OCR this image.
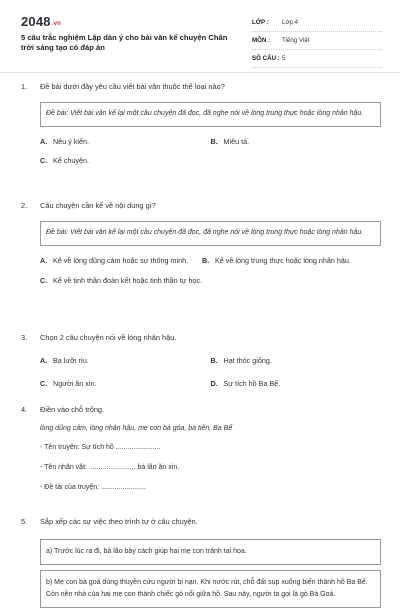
2048.vn
5 câu trắc nghiệm Lập dàn ý cho bài văn kể chuyện Chân trời sáng tạo có đáp án
LỚP :	Lớp 4
MÔN :	Tiếng Việt
SỐ CÂU : 5
1.	Đề bài dưới đây yêu cầu viết bài văn thuộc thể loại nào?
Đề bài: Viết bài văn kể lại một câu chuyện đã đọc, đã nghe nói về lòng trung thực hoặc lòng nhân hậu.
A. Nêu ý kiến.	B. Miêu tả.
C. Kể chuyện.
2.	Câu chuyện cần kể về nội dung gì?
Đề bài: Viết bài văn kể lại một câu chuyện đã đọc, đã nghe nói về lòng trung thực hoặc lòng nhân hậu.
A. Kể về lòng dũng cảm hoặc sự thông minh.	B. Kể về lòng trung thực hoặc lòng nhân hậu.
C. Kể về tinh thần đoàn kết hoặc tinh thần tự học.
3.	Chọn 2 câu chuyện nói về lòng nhân hậu.
A. Ba lưỡi rìu.	B. Hạt thóc giống.
C. Người ăn xin.	D. Sự tích hồ Ba Bể.
4.	Điền vào chỗ trống.
lòng dũng cảm, lòng nhân hậu, mẹ con bà góa, bà tiên, Ba Bể
- Tên truyện: Sự tích hồ .......................
- Tên nhân vật: ......................., bà lão ăn xin.
- Đề tài của truyện: .......................
5.	Sắp xếp các sự việc theo trình tự ở câu chuyện.
a) Trước lúc ra đi, bà lão bày cách giúp hai mẹ con tránh tai họa.
b) Mẹ con bà goá dùng thuyền cứu người bị nạn. Khi nước rút, chỗ đất sụp xuống biến thành hồ Ba Bể. Còn nền nhà của hai mẹ con thành chiếc gò nổi giữa hồ. Sau này, người ta gọi là gò Bà Goá.
